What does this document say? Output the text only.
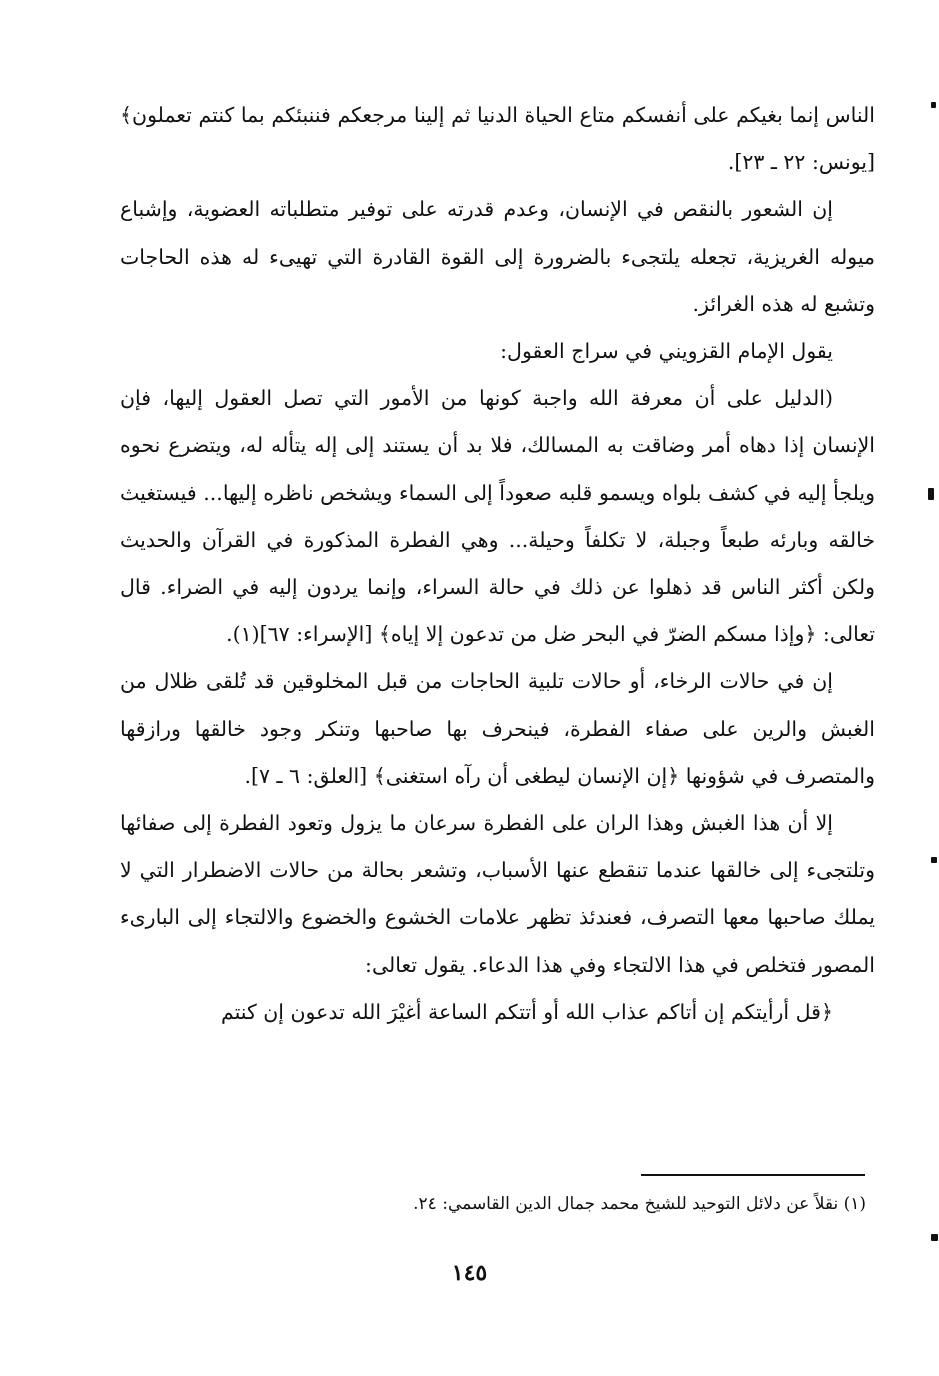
الناس إنما بغيكم على أنفسكم متاع الحياة الدنيا ثم إلينا مرجعكم فننبئكم بما كنتم تعملون﴾ [يونس: ٢٢ ـ ٢٣].

إن الشعور بالنقص في الإنسان، وعدم قدرته على توفير متطلباته العضوية، وإشباع ميوله الغريزية، تجعله يلتجىء بالضرورة إلى القوة القادرة التي تهيىء له هذه الحاجات وتشبع له هذه الغرائز.

يقول الإمام القزويني في سراج العقول:

(الدليل على أن معرفة الله واجبة كونها من الأمور التي تصل العقول إليها، فإن الإنسان إذا دهاه أمر وضاقت به المسالك، فلا بد أن يستند إلى إله يتأله له، ويتضرع نحوه ويلجأ إليه في كشف بلواه ويسمو قلبه صعوداً إلى السماء ويشخص ناظره إليها... فيستغيث خالقه وبارئه طبعاً وجبلة، لا تكلفاً وحيلة... وهي الفطرة المذكورة في القرآن والحديث ولكن أكثر الناس قد ذهلوا عن ذلك في حالة السراء، وإنما يردون إليه في الضراء. قال تعالى: ﴿وإذا مسكم الضرّ في البحر ضل من تدعون إلا إياه﴾ [الإسراء: ٦٧](١).

إن في حالات الرخاء، أو حالات تلبية الحاجات من قبل المخلوقين قد تُلقى ظلال من الغبش والرين على صفاء الفطرة، فينحرف بها صاحبها وتنكر وجود خالقها ورازقها والمتصرف في شؤونها ﴿إن الإنسان ليطغى أن رآه استغنى﴾ [العلق: ٦ ـ ٧].

إلا أن هذا الغبش وهذا الران على الفطرة سرعان ما يزول وتعود الفطرة إلى صفائها وتلتجىء إلى خالقها عندما تنقطع عنها الأسباب، وتشعر بحالة من حالات الاضطرار التي لا يملك صاحبها معها التصرف، فعندئذ تظهر علامات الخشوع والخضوع والالتجاء إلى البارىء المصور فتخلص في هذا الالتجاء وفي هذا الدعاء. يقول تعالى:

﴿قل أرأيتكم إن أتاكم عذاب الله أو أتتكم الساعة أغيْرَ الله تدعون إن كنتم

(١) نقلاً عن دلائل التوحيد للشيخ محمد جمال الدين القاسمي: ٢٤.
١٤٥
